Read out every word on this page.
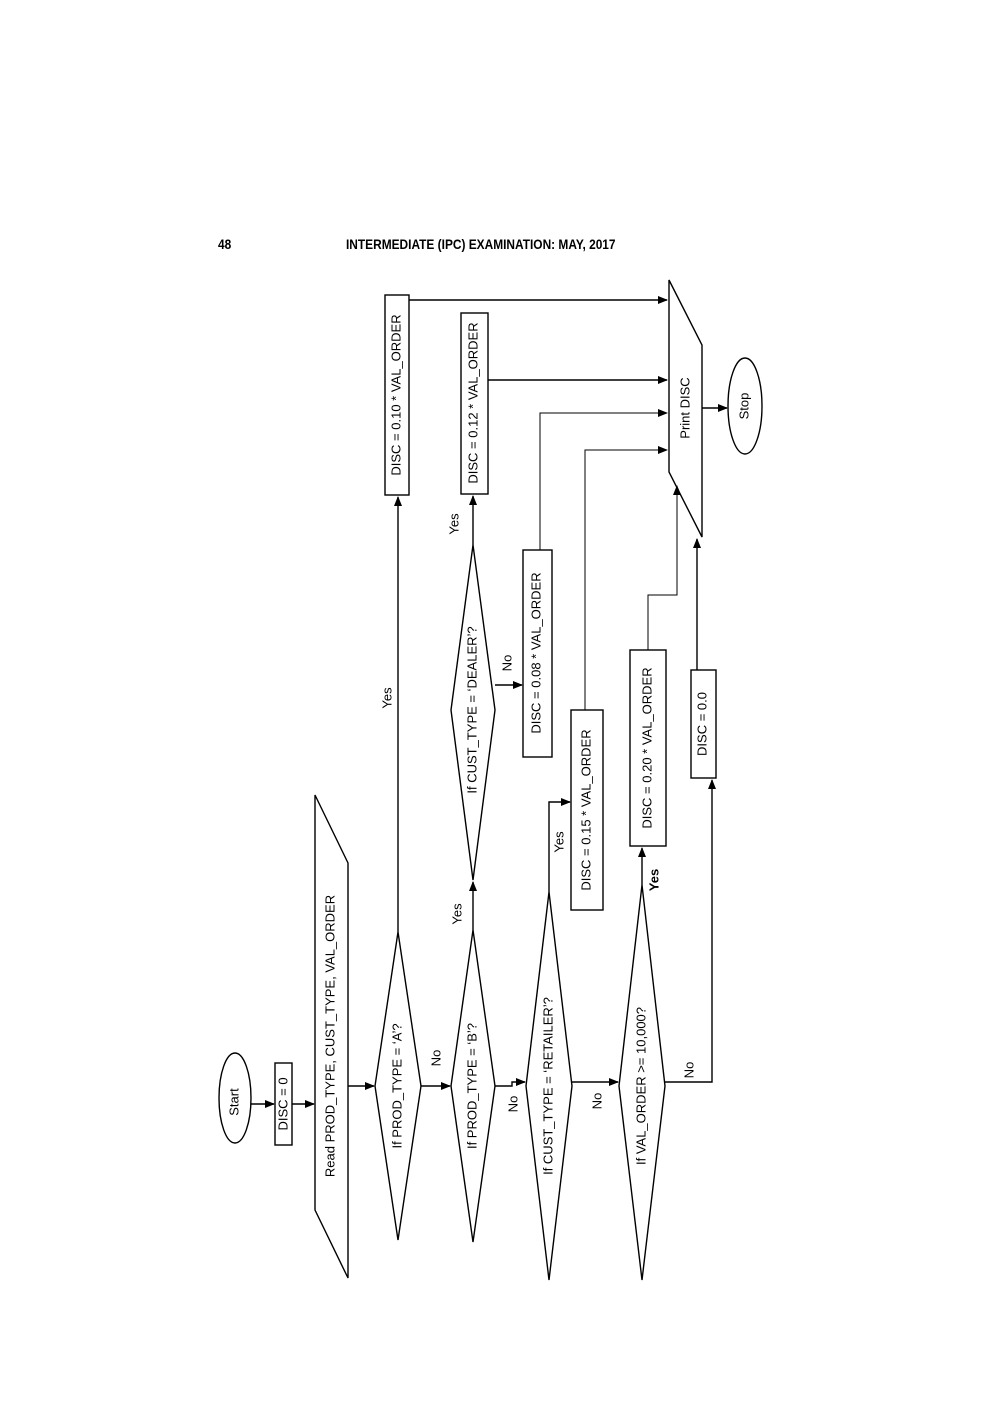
48	INTERMEDIATE (IPC) EXAMINATION: MAY, 2017
Start	DISC = 0 Read PROD_TYPE, CUST_TYPE, VAL_ORDER	If PROD_TYPE = ‘A’?	If PROD_TYPE = ‘B’?
If CUST_TYPE = ‘DEALER’?
If CUST_TYPE = ‘RETAILER’?	If VAL_ORDER >= 10,000?
DISC = 0.10 * VAL_ORDER	DISC = 0.12 * VAL_ORDER
DISC = 0.08 * VAL_ORDER
DISC = 0.15 * VAL_ORDER	DISC = 0.20 * VAL_ORDER	DISC = 0.0
Print DISC	Stop
Yes
No
Yes
No
Yes
No
Yes
No
Yes
No
